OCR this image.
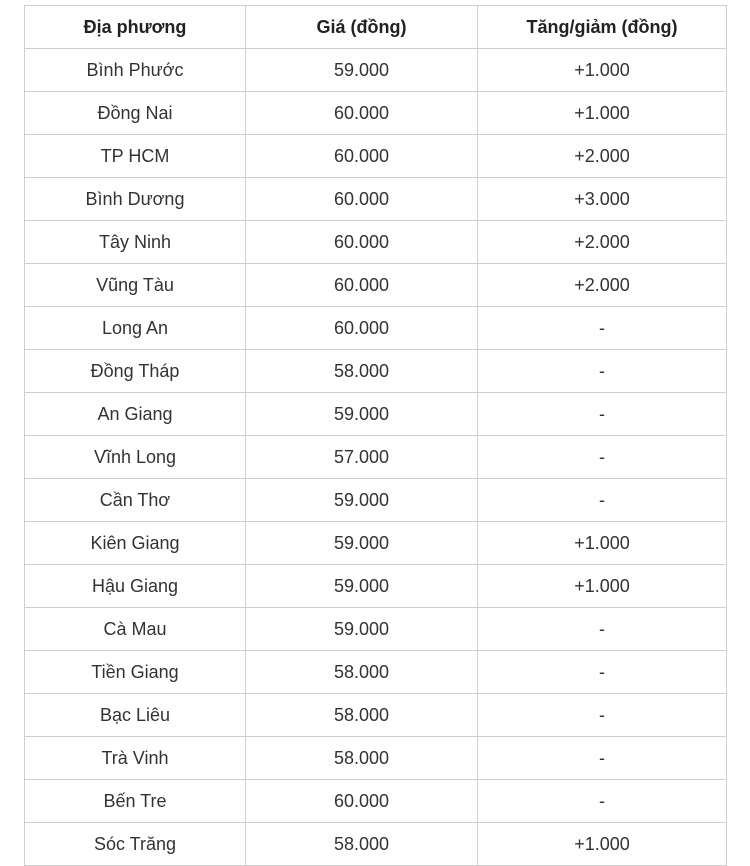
Địa phương	Giá (đồng)	Tăng/giảm (đồng)
Bình Phước	59.000	+1.000
Đồng Nai	60.000	+1.000
TP HCM	60.000	+2.000
Bình Dương	60.000	+3.000
Tây Ninh	60.000	+2.000
Vũng Tàu	60.000	+2.000
Long An	60.000	-
Đồng Tháp	58.000	-
An Giang	59.000	-
Vĩnh Long	57.000	-
Cần Thơ	59.000	-
Kiên Giang	59.000	+1.000
Hậu Giang	59.000	+1.000
Cà Mau	59.000	-
Tiền Giang	58.000	-
Bạc Liêu	58.000	-
Trà Vinh	58.000	-
Bến Tre	60.000	-
Sóc Trăng	58.000	+1.000
